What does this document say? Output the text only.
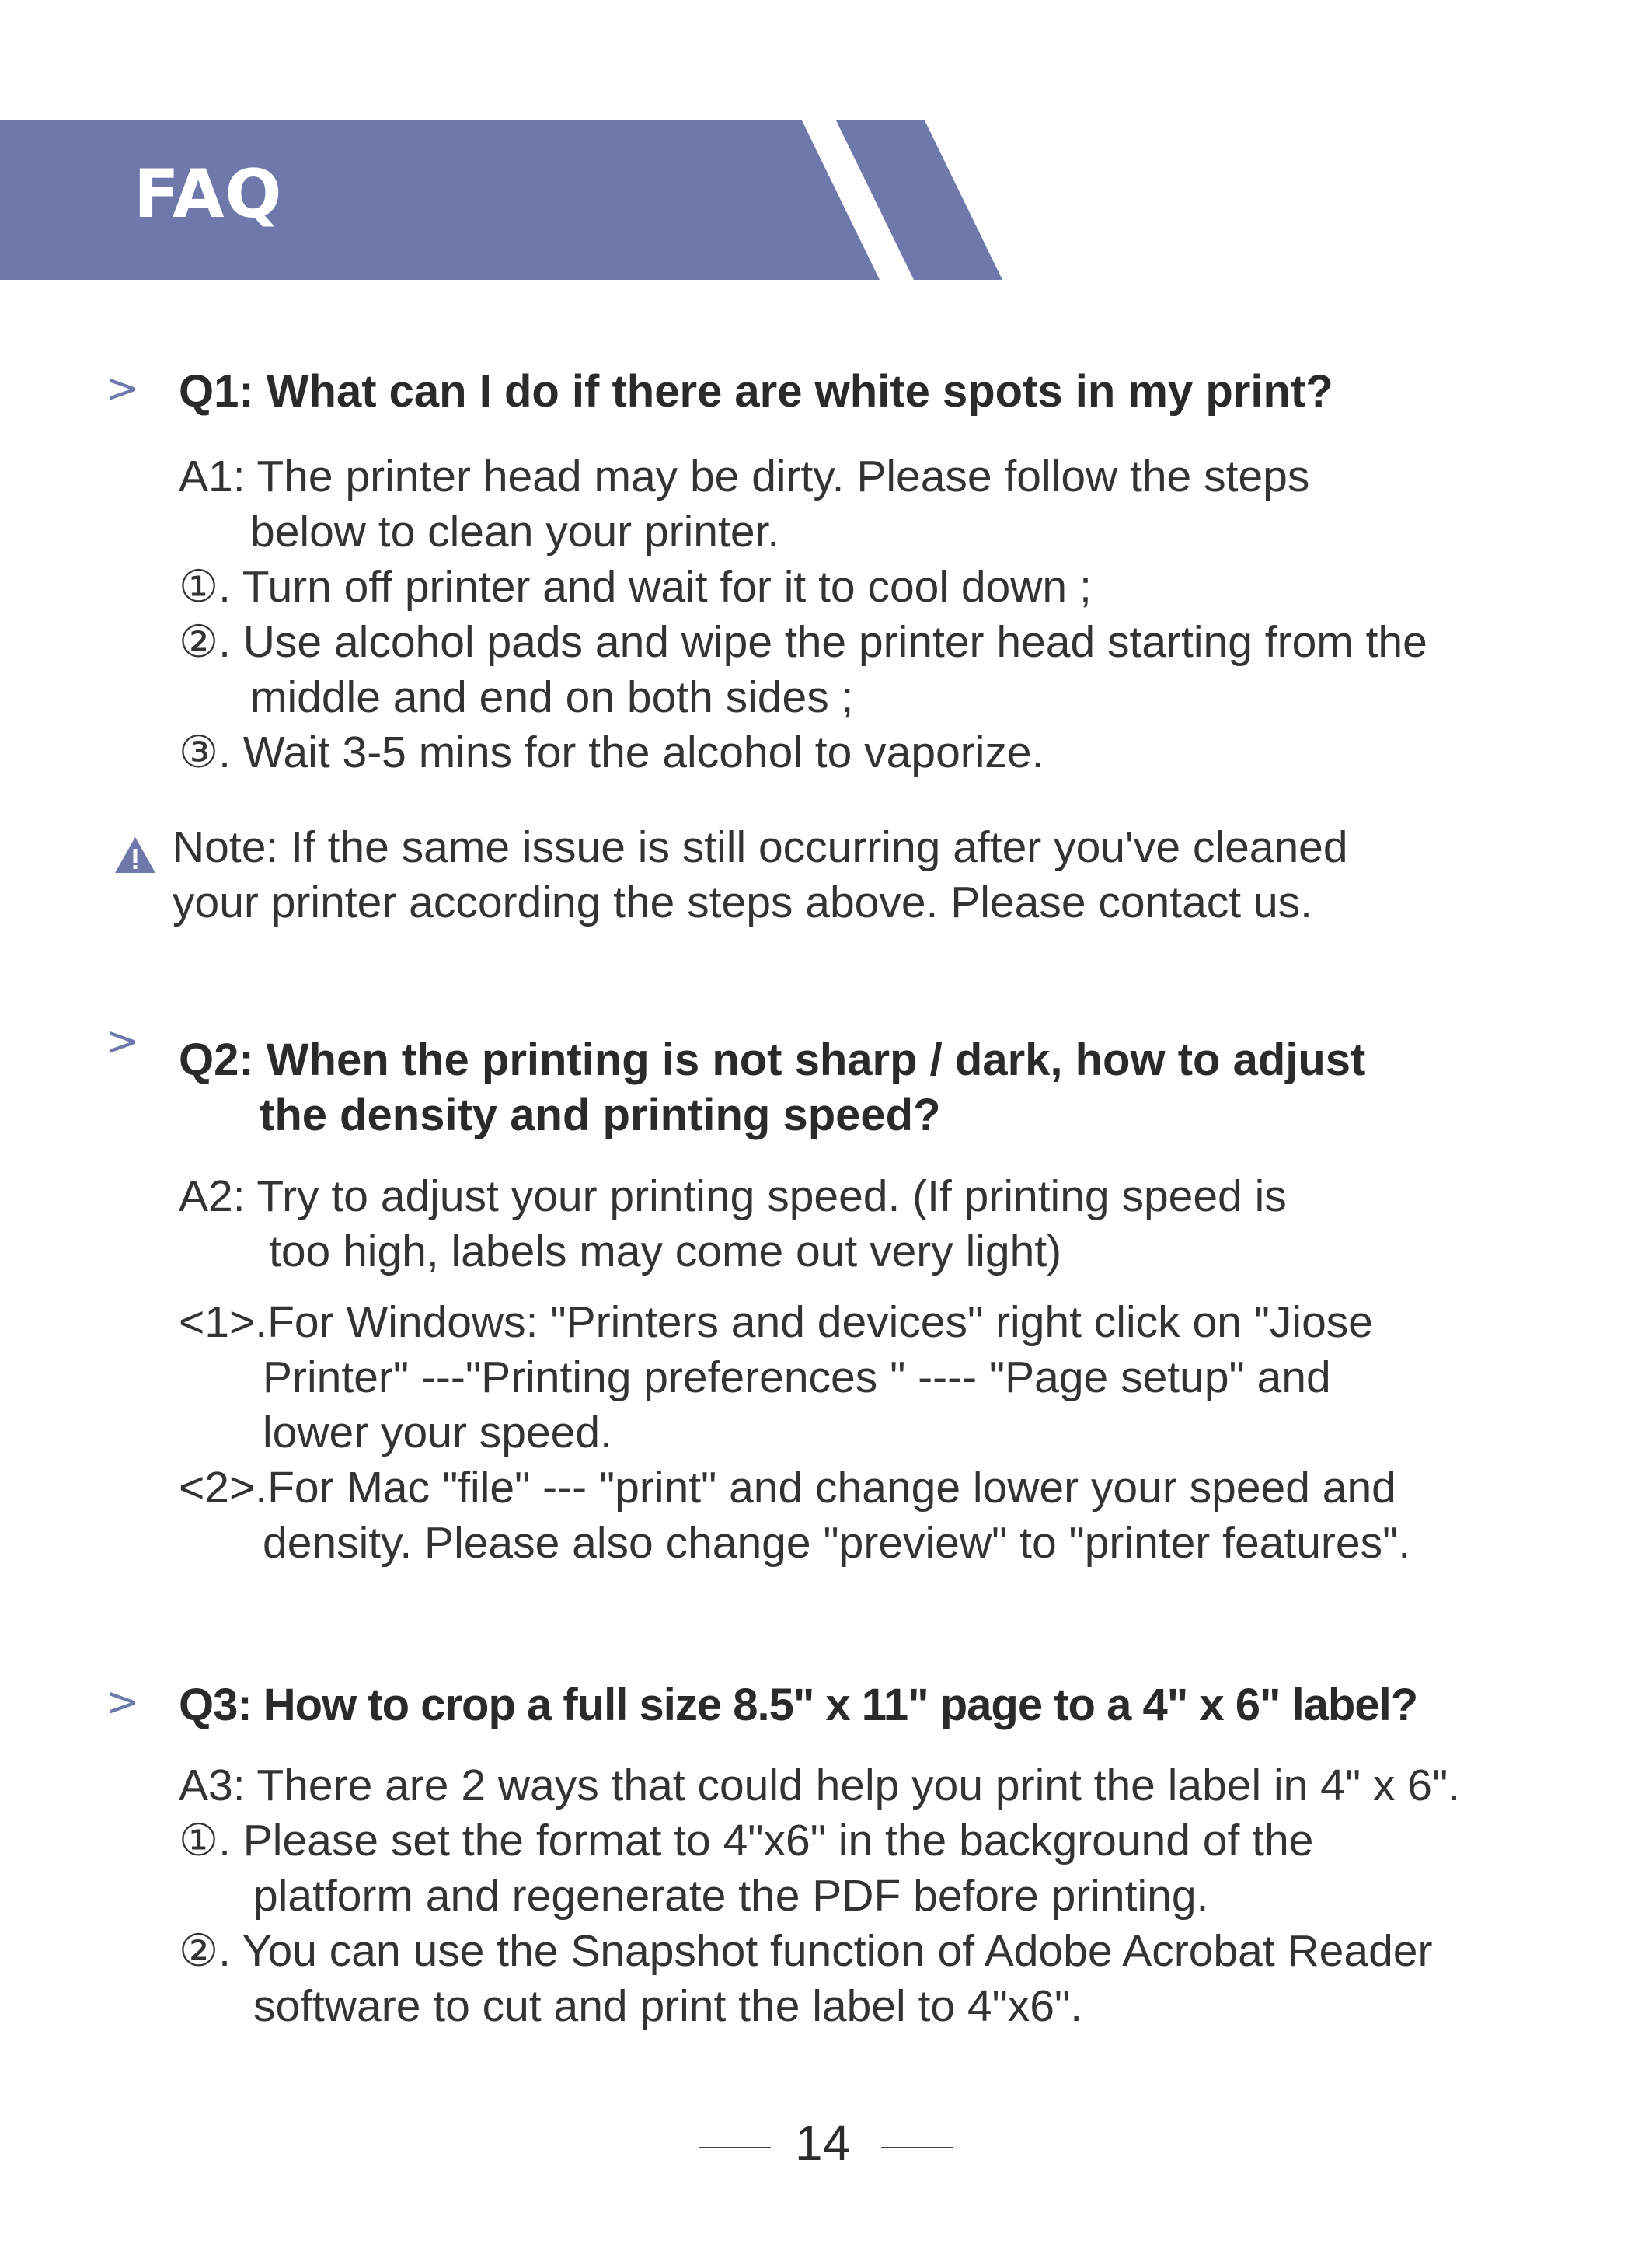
FAQ
> Q1: What can I do if there are white spots in my print?
A1: The printer head may be dirty. Please follow the steps
below to clean your printer.
①. Turn off printer and wait for it to cool down ;
②. Use alcohol pads and wipe the printer head starting from the
middle and end on both sides ;
③. Wait 3-5 mins for the alcohol to vaporize.
Note: If the same issue is still occurring after you've cleaned
your printer according the steps above. Please contact us.
> Q2: When the printing is not sharp / dark, how to adjust
the density and printing speed?
A2: Try to adjust your printing speed. (If printing speed is
too high, labels may come out very light)
<1>.For Windows: "Printers and devices" right click on "Jiose
Printer" ---"Printing preferences " ---- "Page setup" and
lower your speed.
<2>.For Mac "file" --- "print" and change lower your speed and
density. Please also change "preview" to "printer features".
> Q3: How to crop a full size 8.5" x 11" page to a 4" x 6" label?
A3: There are 2 ways that could help you print the label in 4" x 6".
①. Please set the format to 4"x6" in the background of the
platform and regenerate the PDF before printing.
②. You can use the Snapshot function of Adobe Acrobat Reader
software to cut and print the label to 4"x6".
14
